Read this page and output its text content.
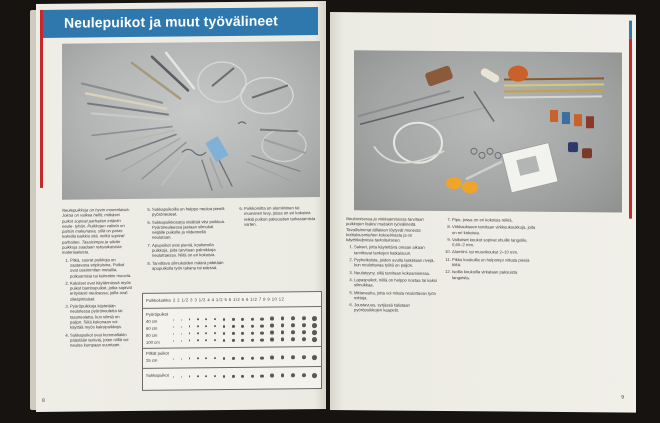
Neulepuikot ja muut työvälineet

Neulepuikkoja on hyvin monenlaisia. Jokaa on valkea hellit, mitkäsei puikot sopivat parhaiten intäniin neule- tyhän. Puikkojen valinta on paitsin makunasia, sillä on paras kokeilla kaikkia sitä, mitkä sopivat parhaiten. Tasaisimpia ja sileän puikkoja saadaan nykyaikaisista materiaaleista.

1. Pitkä, suorat puikkoja on saatavana eripituisina. Puikot ovat useimmiten metallia, polkuamisia tai kuitenkin muovia.
2. Kaksiset ovat käytännössä myös puikot bambupuikot, jotka sopivat erityisesti neuloessa, joilla ovat sileäpintaiset.
3. Pyöröpuikkoja käytetään neulotessa pyöröneuletta tai tasoneuletta, kun silmiä on paljon. Siitä kokonaan voi käyttää myös kaksipuikkoja.
4. Sukkapuikot ovat kummaltakin päästään teräviä, joten niillä voi neuloa kumpaan suuntaan.
5. Sukkapuikoilla on helppo neuloa pieniä pyöröneuleet.
6. Sukkapuikkosarja sisältää viisi puikkoa. Pyöröneuleessa jaetaan silmukat neljälle puikolle ja viidennellä neulotaan.
7. Apupuikot ovat pieniä, koukeroita puikkoja, joita tarvitaan palmikkoja neulottaessa. Niitä on eri kokoisia.
8. Tarvittava silmukoiden määrä pidetään apupuikolla työn takana tai edessä.
6. Puikkomitta on alumiininen tai muovinen levy, jossa on eri kokoisia reikiä puikon paksuuden tarkastamista varten.
Puikkoluokka 2 2 1/2 3 3 1/2 4 4 1/2 5 5 1/2 6 6 1/2 7 8 9 10 12
Pyöröpuikot
40 cm
60 cm
80 cm
100 cm
Pitkät puikot
35 cm
Sukkapuikot
8

Neulomisessa ja virkkaamisessa tarvitaan puikkojen lisäksi muitakin työvälineitä. Tavallisimmat tällainen löytyvät monesta kotitalousmiehen kokoelmasta ja on käyttökelpoisia tarkoitukseen.

1. Sakset, jotta käytettävä omaan aikaan tarvittavat lankojen katkaisuun.
2. Pyyheikoista, joiden avulla lasketaan rivejä, kun neulottavaa työtä on paljon.
3. Neulatyyny, sillä tarvitaan kokoamisessa.
4. Lapaspuikot, niillä on helppo nostaa tai kaksi silmukkaa.
5. Mittanauha, jotta voi mitata neulottavan työn mittoja.
6. Joustavuus, syrjässä tallataan pyöröpuikkojen kaapelit.
7. Pipo, jossa on eri kokoisia reikiä.
8. Virkkaukseen tarvitaan virkkuukoukkuja, joita on eri kokoisia.
9. Valkoiset koukut sopivat ohuille langoille, 0,60–2 mm.
10. Alumiini- tai muovikoukut 2–10 mm.
11. Pikku koukuilla on helpompi virkata pieniä töitä.
12. Isoilla koukuilla virkataan paksuista langoista.
9
